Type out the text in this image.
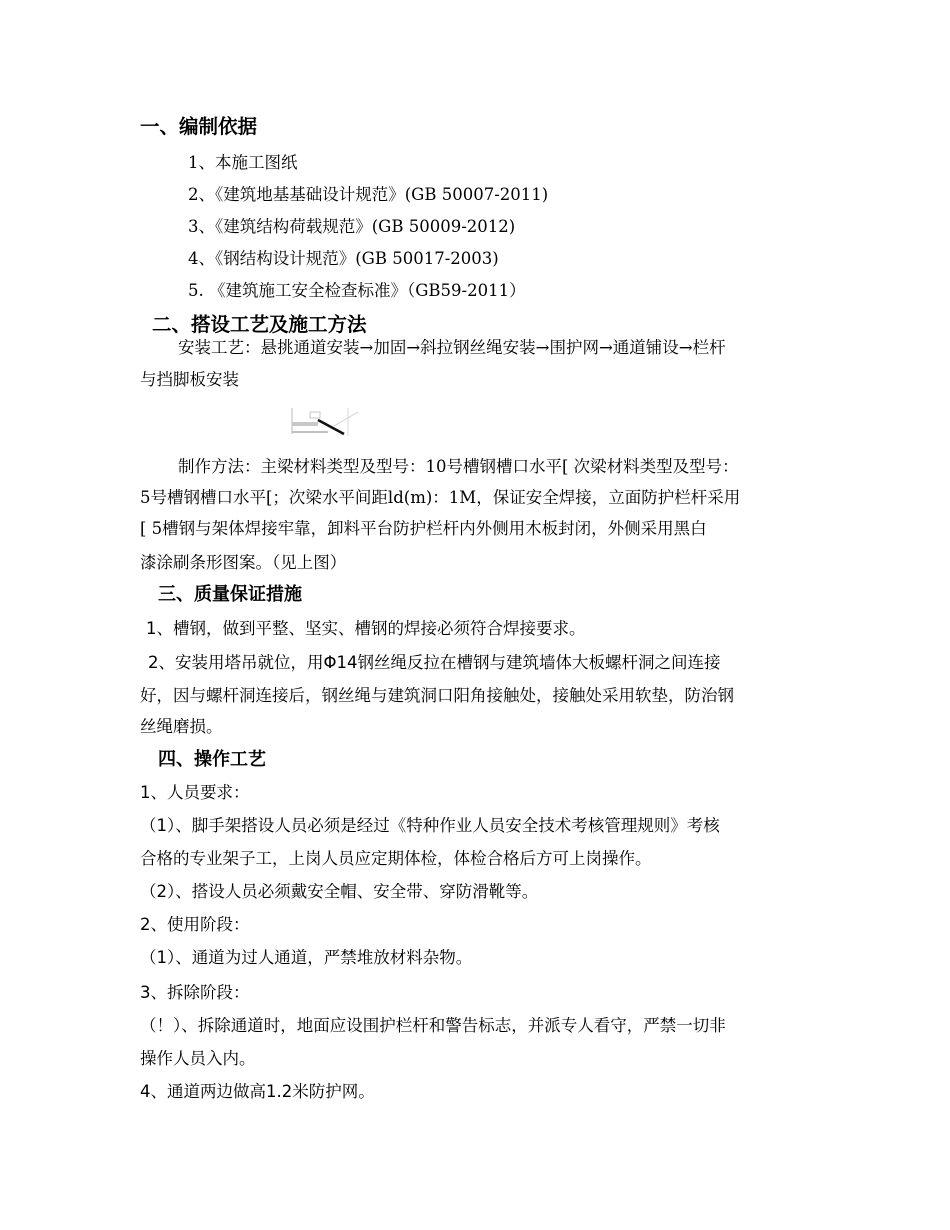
一、编制依据
1、本施工图纸
2、《建筑地基基础设计规范》(GB 50007-2011)
3、《建筑结构荷载规范》(GB 50009-2012)
4、《钢结构设计规范》(GB 50017-2003)
5. 《建筑施工安全检查标准》（GB59-2011）
二、搭设工艺及施工方法
安装工艺：悬挑通道安装→加固→斜拉钢丝绳安装→围护网→通道铺设→栏杆
与挡脚板安装
制作方法：主梁材料类型及型号：10号槽钢槽口水平[ 次梁材料类型及型号：
5号槽钢槽口水平[；次梁水平间距ld(m)：1M，保证安全焊接，立面防护栏杆采用
[ 5槽钢与架体焊接牢靠，卸料平台防护栏杆内外侧用木板封闭，外侧采用黑白
漆涂刷条形图案。（见上图）
三、质量保证措施
1、槽钢，做到平整、坚实、槽钢的焊接必须符合焊接要求。
2、安装用塔吊就位，用Φ14钢丝绳反拉在槽钢与建筑墙体大板螺杆洞之间连接
好，因与螺杆洞连接后，钢丝绳与建筑洞口阳角接触处，接触处采用软垫，防治钢
丝绳磨损。
四、操作工艺
1、人员要求：
（1）、脚手架搭设人员必须是经过《特种作业人员安全技术考核管理规则》考核
合格的专业架子工，上岗人员应定期体检，体检合格后方可上岗操作。
（2）、搭设人员必须戴安全帽、安全带、穿防滑靴等。
2、使用阶段：
（1）、通道为过人通道，严禁堆放材料杂物。
3、拆除阶段：
（！）、拆除通道时，地面应设围护栏杆和警告标志，并派专人看守，严禁一切非
操作人员入内。
4、通道两边做高1.2米防护网。
